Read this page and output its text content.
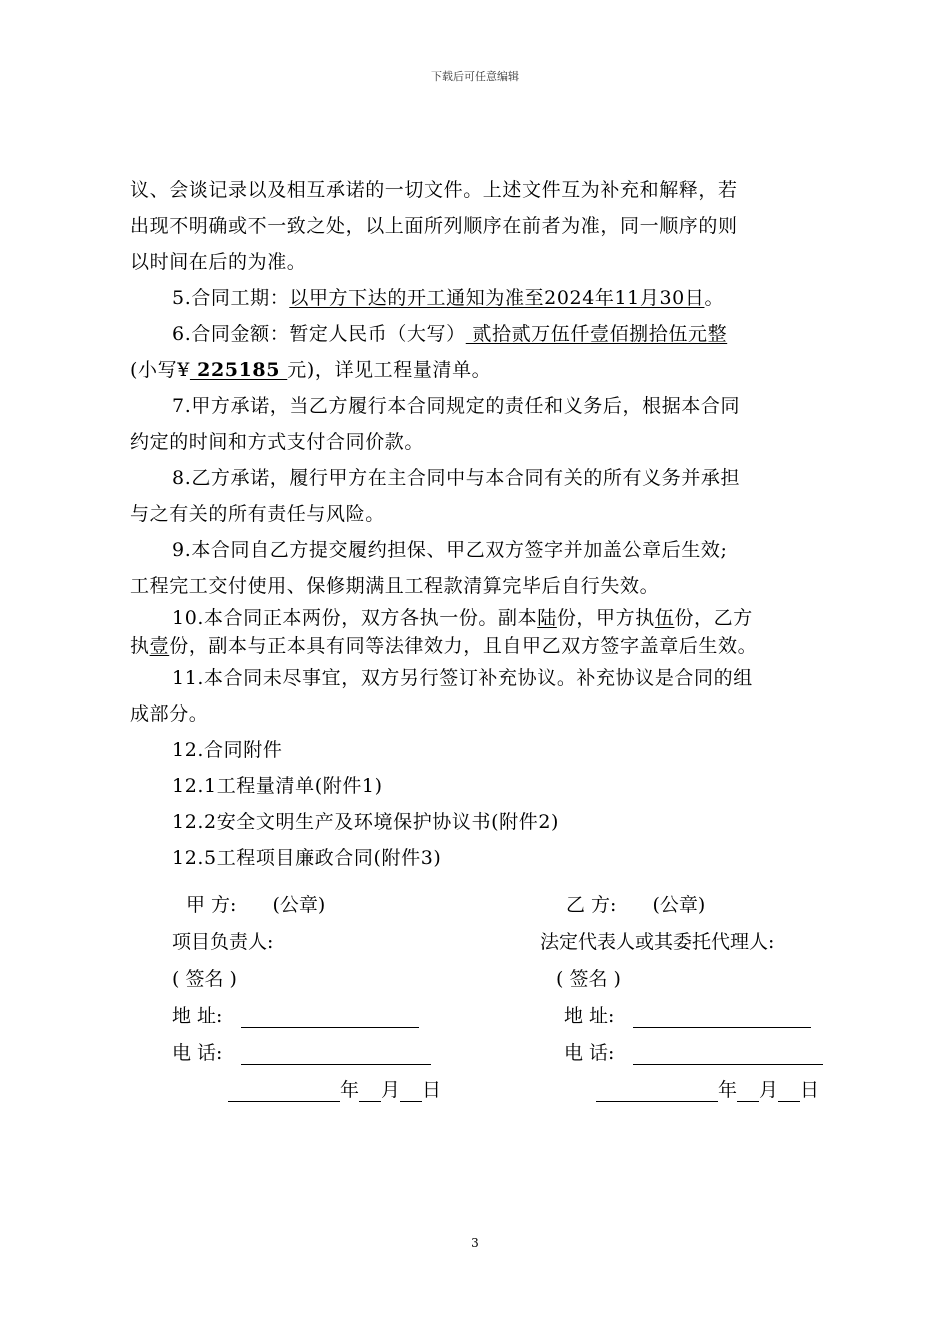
下载后可任意编辑
议、会谈记录以及相互承诺的一切文件。上述文件互为补充和解释，若
出现不明确或不一致之处，以上面所列顺序在前者为准，同一顺序的则
以时间在后的为准。
5.合同工期：以甲方下达的开工通知为准至2024年11月30日。
6.合同金额：暂定人民币（大写） 贰拾贰万伍仟壹佰捌拾伍元整
(小写¥ 225185 元)，详见工程量清单。
7.甲方承诺，当乙方履行本合同规定的责任和义务后，根据本合同
约定的时间和方式支付合同价款。
8.乙方承诺，履行甲方在主合同中与本合同有关的所有义务并承担
与之有关的所有责任与风险。
9.本合同自乙方提交履约担保、甲乙双方签字并加盖公章后生效;
工程完工交付使用、保修期满且工程款清算完毕后自行失效。
10.本合同正本两份，双方各执一份。副本陆份，甲方执伍份，乙方
执壹份，副本与正本具有同等法律效力，且自甲乙双方签字盖章后生效。
11.本合同未尽事宜，双方另行签订补充协议。补充协议是合同的组
成部分。
12.合同附件
12.1工程量清单(附件1)
12.2安全文明生产及环境保护协议书(附件2)
12.5工程项目廉政合同(附件3)
甲 方: (公章)
项目负责人:
( 签名 )
地 址:
电 话:
年 月 日
乙 方: (公章)
法定代表人或其委托代理人:
( 签名 )
地 址:
电 话:
年 月 日
3
